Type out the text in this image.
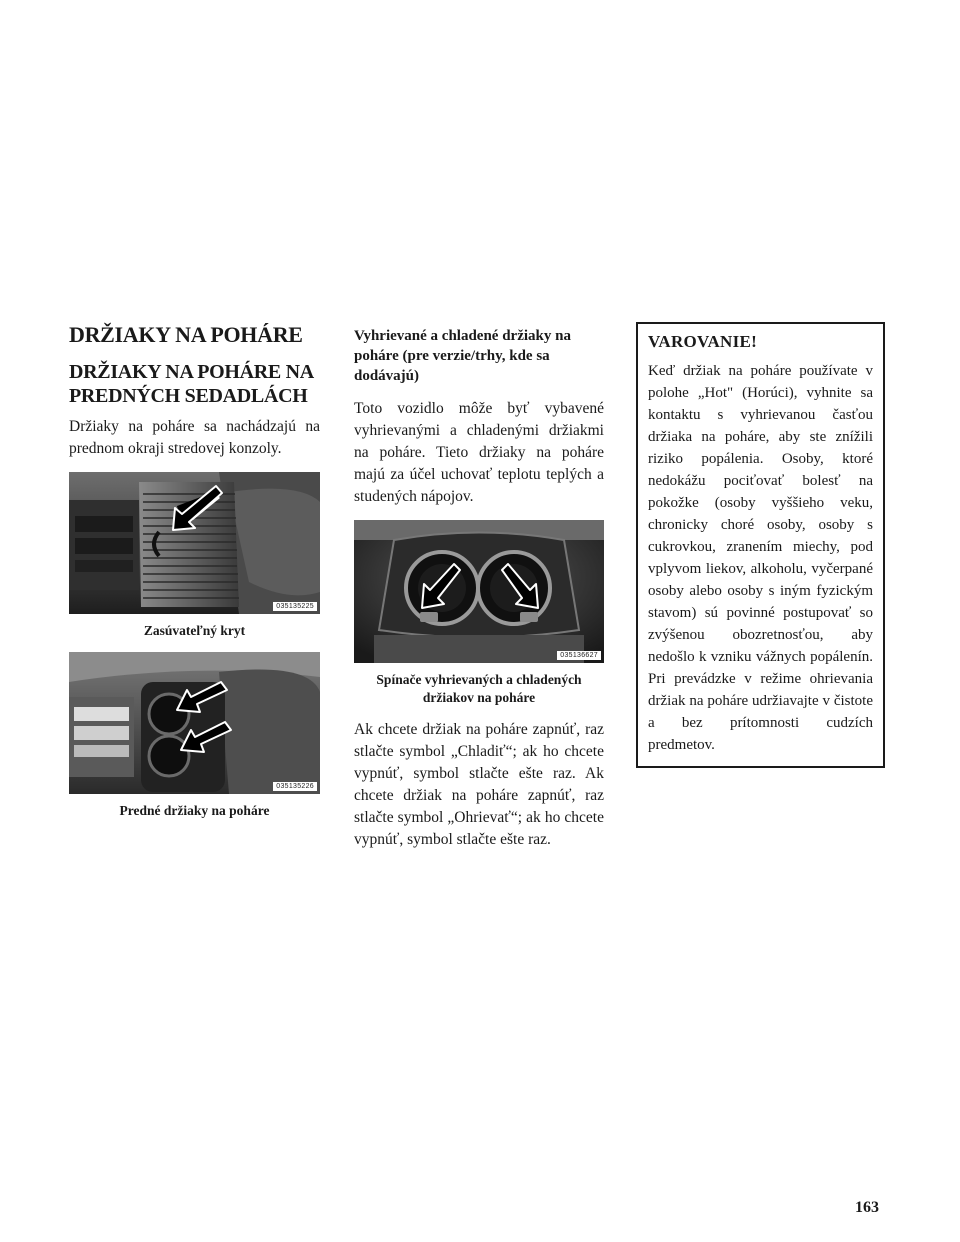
DRŽIAKY NA POHÁRE
DRŽIAKY NA POHÁRE NA PREDNÝCH SEDADLÁCH

Držiaky na poháre sa nachádzajú na prednom okraji stredovej konzoly.

035135225
Zasúvateľný kryt
035135226
Predné držiaky na poháre
Vyhrievané a chladené držiaky na poháre (pre verzie/trhy, kde sa dodávajú)

Toto vozidlo môže byť vybavené vyhrievanými a chladenými držiakmi na poháre. Tieto držiaky na poháre majú za účel uchovať teplotu teplých a studených nápojov.

035136627
Spínače vyhrievaných a chladených držiakov na poháre

Ak chcete držiak na poháre zapnúť, raz stlačte symbol „Chladiť“; ak ho chcete vypnúť, symbol stlačte ešte raz. Ak chcete držiak na poháre zapnúť, raz stlačte symbol „Ohrievať“; ak ho chcete vypnúť, symbol stlačte ešte raz.

VAROVANIE!

Keď držiak na poháre používate v polohe „Hot" (Horúci), vyhnite sa kontaktu s vyhrievanou časťou držiaka na poháre, aby ste znížili riziko popálenia. Osoby, ktoré nedokážu pociťovať bolesť na pokožke (osoby vyššieho veku, chronicky choré osoby, osoby s cukrovkou, zranením miechy, pod vplyvom liekov, alkoholu, vyčerpané osoby alebo osoby s iným fyzickým stavom) sú povinné postupovať so zvýšenou obozretnosťou, aby nedošlo k vzniku vážnych popálenín. Pri prevádzke v režime ohrievania držiak na poháre udržiavajte v čistote a bez prítomnosti cudzích predmetov.

163
